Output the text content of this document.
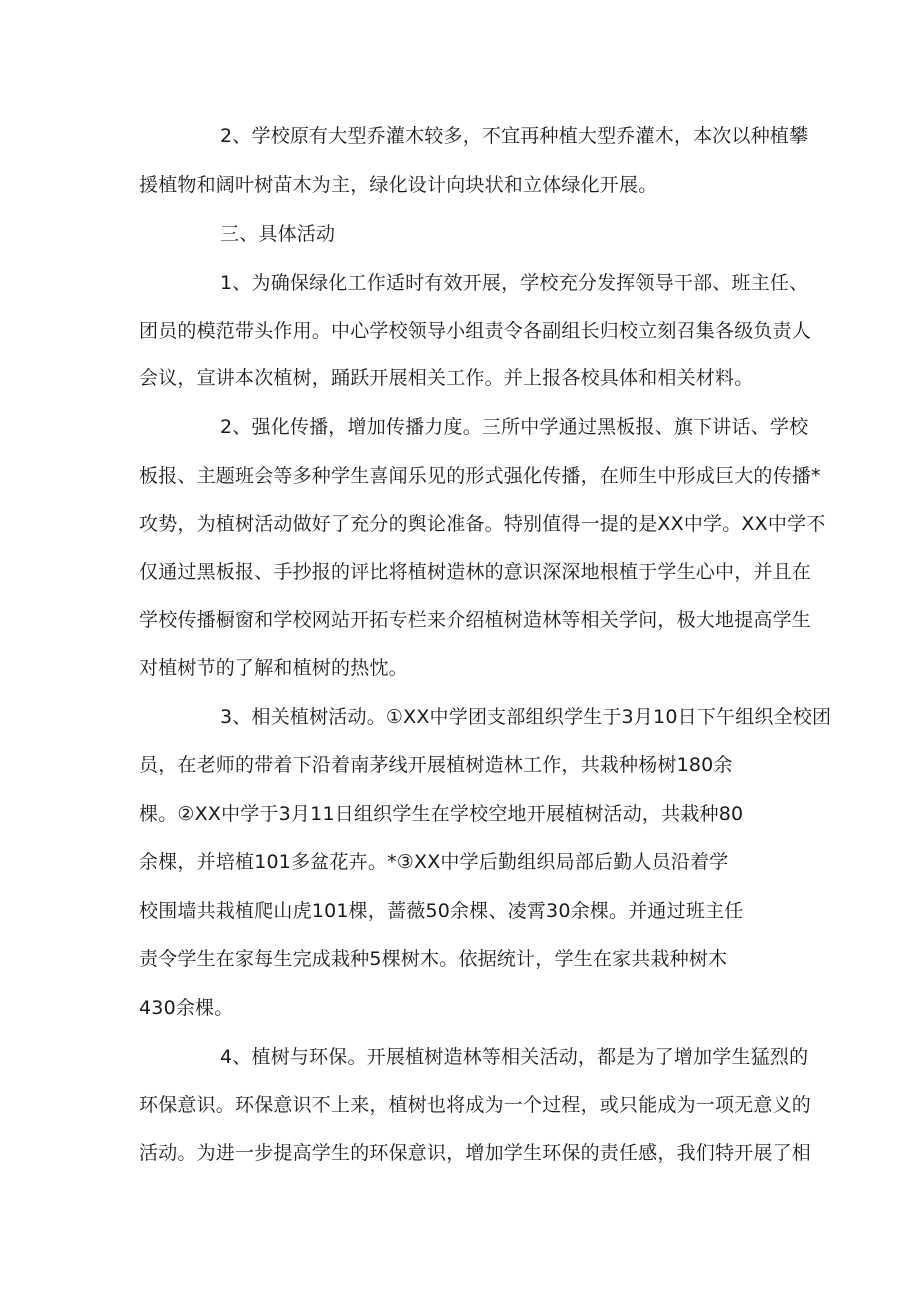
2、学校原有大型乔灌木较多，不宜再种植大型乔灌木，本次以种植攀
援植物和阔叶树苗木为主，绿化设计向块状和立体绿化开展。
三、具体活动
1、为确保绿化工作适时有效开展，学校充分发挥领导干部、班主任、
团员的模范带头作用。中心学校领导小组责令各副组长归校立刻召集各级负责人
会议，宣讲本次植树，踊跃开展相关工作。并上报各校具体和相关材料。
2、强化传播，增加传播力度。三所中学通过黑板报、旗下讲话、学校
板报、主题班会等多种学生喜闻乐见的形式强化传播，在师生中形成巨大的传播*
攻势，为植树活动做好了充分的舆论准备。特别值得一提的是XX中学。XX中学不
仅通过黑板报、手抄报的评比将植树造林的意识深深地根植于学生心中，并且在
学校传播橱窗和学校网站开拓专栏来介绍植树造林等相关学问，极大地提高学生
对植树节的了解和植树的热忱。
3、相关植树活动。①XX中学团支部组织学生于3月10日下午组织全校团
员，在老师的带着下沿着南茅线开展植树造林工作，共栽种杨树180余
棵。②XX中学于3月11日组织学生在学校空地开展植树活动，共栽种80
余棵，并培植101多盆花卉。*③XX中学后勤组织局部后勤人员沿着学
校围墙共栽植爬山虎101棵，蔷薇50余棵、凌霄30余棵。并通过班主任
责令学生在家每生完成栽种5棵树木。依据统计，学生在家共栽种树木
430余棵。
4、植树与环保。开展植树造林等相关活动，都是为了增加学生猛烈的
环保意识。环保意识不上来，植树也将成为一个过程，或只能成为一项无意义的
活动。为进一步提高学生的环保意识，增加学生环保的责任感，我们特开展了相
